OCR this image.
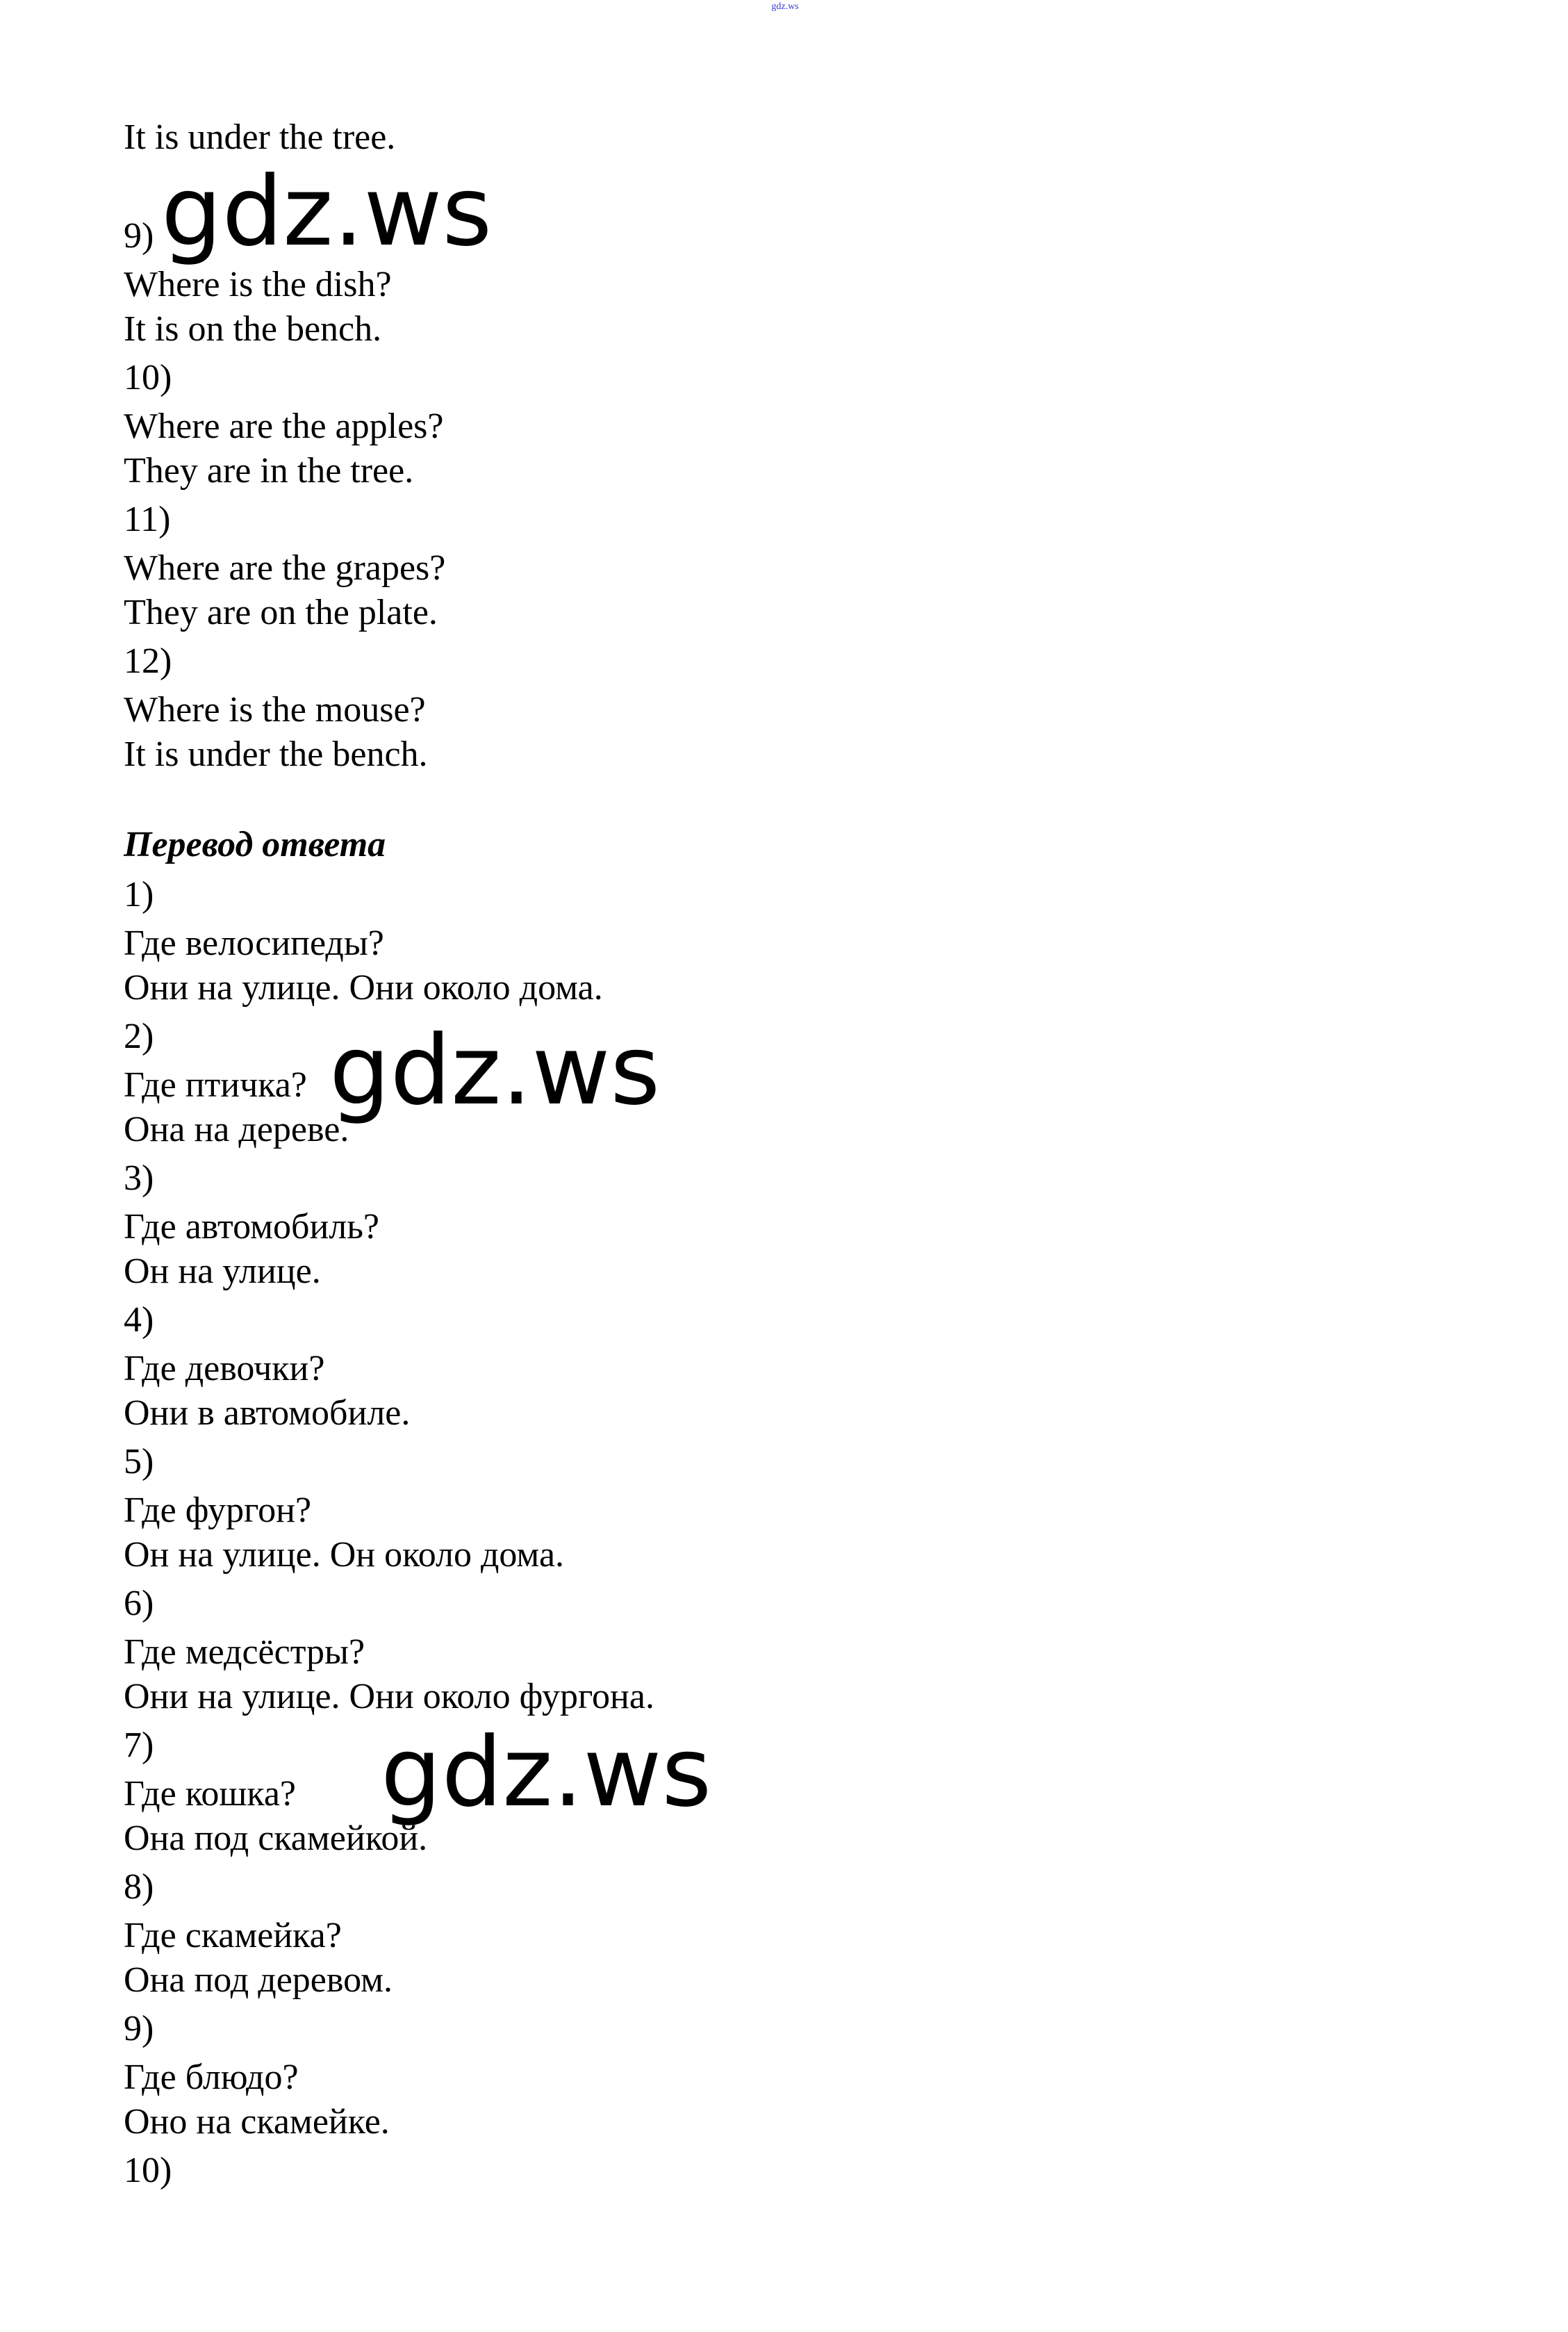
gdz.ws
It is under the tree.
9)
Where is the dish?
It is on the bench.
10)
Where are the apples?
They are in the tree.
11)
Where are the grapes?
They are on the plate.
12)
Where is the mouse?
It is under the bench.
Перевод ответа
1)
Где велосипеды?
Они на улице. Они около дома.
2)
Где птичка?
Она на дереве.
3)
Где автомобиль?
Он на улице.
4)
Где девочки?
Они в автомобиле.
5)
Где фургон?
Он на улице. Он около дома.
6)
Где медсёстры?
Они на улице. Они около фургона.
7)
Где кошка?
Она под скамейкой.
8)
Где скамейка?
Она под деревом.
9)
Где блюдо?
Оно на скамейке.
10)
gdz.ws
gdz.ws
gdz.ws
